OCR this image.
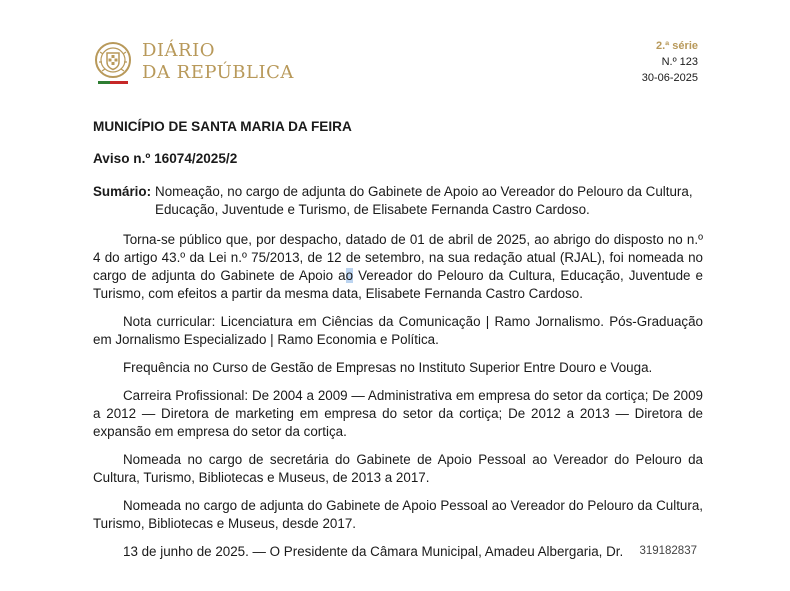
DIÁRIO
DA REPÚBLICA
2.ª série
N.º 123
30-06-2025
MUNICÍPIO DE SANTA MARIA DA FEIRA
Aviso n.º 16074/2025/2
Sumário: Nomeação, no cargo de adjunta do Gabinete de Apoio ao Vereador do Pelouro da Cultura, Educação, Juventude e Turismo, de Elisabete Fernanda Castro Cardoso.

Torna-se público que, por despacho, datado de 01 de abril de 2025, ao abrigo do disposto no n.º 4 do artigo 43.º da Lei n.º 75/2013, de 12 de setembro, na sua redação atual (RJAL), foi nomeada no cargo de adjunta do Gabinete de Apoio ao Vereador do Pelouro da Cultura, Educação, Juventude e Turismo, com efeitos a partir da mesma data, Elisabete Fernanda Castro Cardoso.

Nota curricular: Licenciatura em Ciências da Comunicação | Ramo Jornalismo. Pós-Graduação em Jornalismo Especializado | Ramo Economia e Política.

Frequência no Curso de Gestão de Empresas no Instituto Superior Entre Douro e Vouga.

Carreira Profissional: De 2004 a 2009 — Administrativa em empresa do setor da cortiça; De 2009 a 2012 — Diretora de marketing em empresa do setor da cortiça; De 2012 a 2013 — Diretora de expansão em empresa do setor da cortiça.

Nomeada no cargo de secretária do Gabinete de Apoio Pessoal ao Vereador do Pelouro da Cultura, Turismo, Bibliotecas e Museus, de 2013 a 2017.

Nomeada no cargo de adjunta do Gabinete de Apoio Pessoal ao Vereador do Pelouro da Cultura, Turismo, Bibliotecas e Museus, desde 2017.

13 de junho de 2025. — O Presidente da Câmara Municipal, Amadeu Albergaria, Dr.	319182837
